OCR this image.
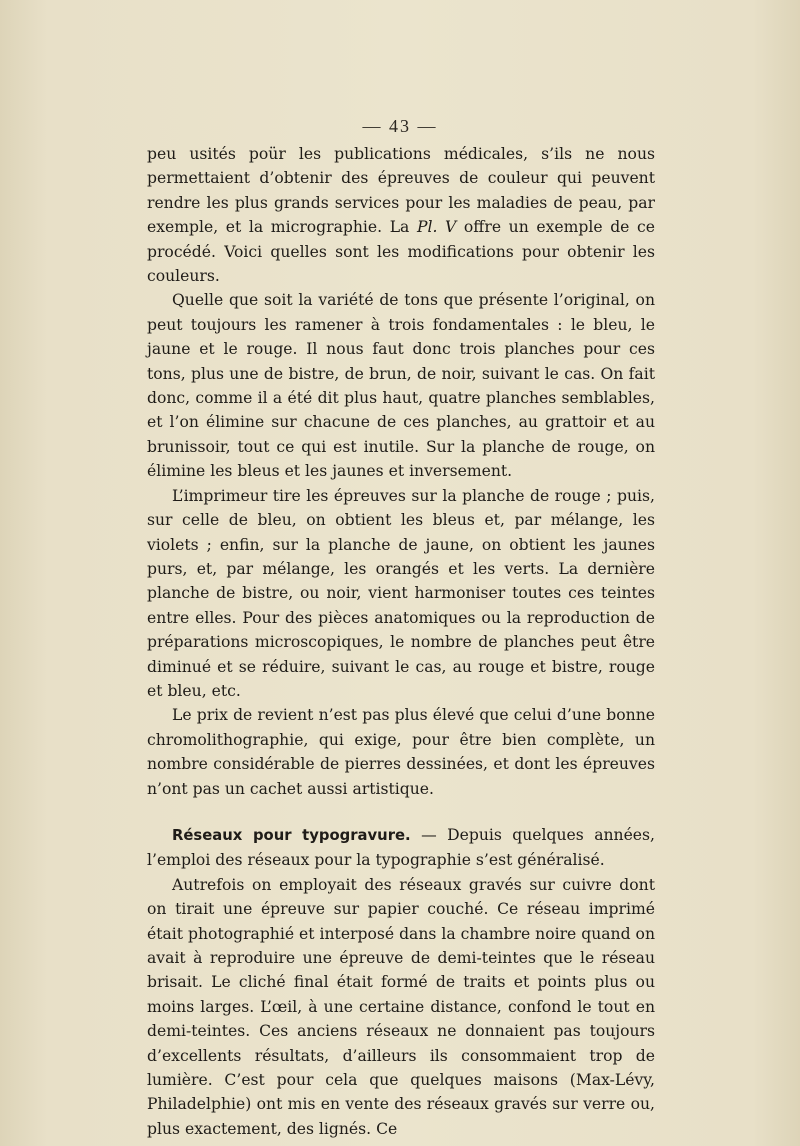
— 43 —

peu usités poür les publications médicales, s’ils ne nous permettaient d’obtenir des épreuves de couleur qui peuvent rendre les plus grands services pour les maladies de peau, par exemple, et la micrographie. La Pl. V offre un exemple de ce procédé. Voici quelles sont les modifications pour obtenir les couleurs.

Quelle que soit la variété de tons que présente l’original, on peut toujours les ramener à trois fondamentales : le bleu, le jaune et le rouge. Il nous faut donc trois planches pour ces tons, plus une de bistre, de brun, de noir, suivant le cas. On fait donc, comme il a été dit plus haut, quatre planches semblables, et l’on élimine sur chacune de ces planches, au grattoir et au brunissoir, tout ce qui est inutile. Sur la planche de rouge, on élimine les bleus et les jaunes et inversement.

L’imprimeur tire les épreuves sur la planche de rouge ; puis, sur celle de bleu, on obtient les bleus et, par mélange, les violets ; enfin, sur la planche de jaune, on obtient les jaunes purs, et, par mélange, les orangés et les verts. La dernière planche de bistre, ou noir, vient harmoniser toutes ces teintes entre elles. Pour des pièces anatomiques ou la reproduction de préparations microscopiques, le nombre de planches peut être diminué et se réduire, suivant le cas, au rouge et bistre, rouge et bleu, etc.

Le prix de revient n’est pas plus élevé que celui d’une bonne chromolithographie, qui exige, pour être bien complète, un nombre considérable de pierres dessinées, et dont les épreuves n’ont pas un cachet aussi artistique.

Réseaux pour typogravure. — Depuis quelques années, l’emploi des réseaux pour la typographie s’est généralisé.

Autrefois on employait des réseaux gravés sur cuivre dont on tirait une épreuve sur papier couché. Ce réseau imprimé était photographié et interposé dans la chambre noire quand on avait à reproduire une épreuve de demi-teintes que le réseau brisait. Le cliché final était formé de traits et points plus ou moins larges. L’œil, à une certaine distance, confond le tout en demi-teintes. Ces anciens réseaux ne donnaient pas toujours d’excellents résultats, d’ailleurs ils consommaient trop de lumière. C’est pour cela que quelques maisons (Max-Lévy, Philadelphie) ont mis en vente des réseaux gravés sur verre ou, plus exactement, des lignés. Ce
